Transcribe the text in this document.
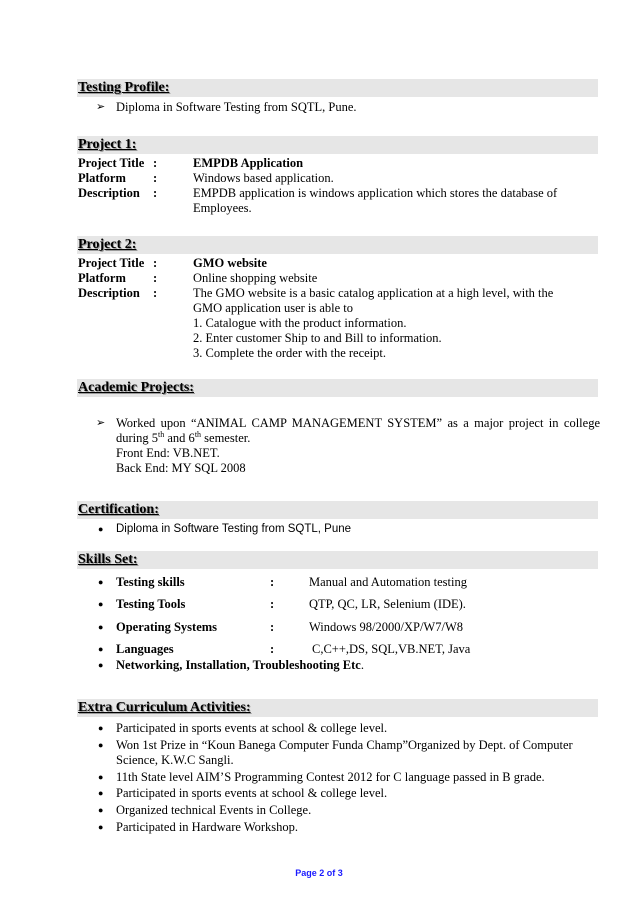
Testing Profile:
➢ Diploma in Software Testing from SQTL, Pune.
Project 1:
Project Title :	EMPDB Application
Platform :	Windows based application.
Description :	EMPDB application is windows application which stores the database of
Employees.
Project 2:
Project Title :	GMO website
Platform :	Online shopping website
Description :	The GMO website is a basic catalog application at a high level, with the
GMO application user is able to
1. Catalogue with the product information.
2. Enter customer Ship to and Bill to information.
3. Complete the order with the receipt.
Academic Projects:
➢ Worked upon “ANIMAL CAMP MANAGEMENT SYSTEM” as a major project in college
during 5th and 6th semester.
Front End: VB.NET.
Back End: MY SQL 2008
Certification:
● Diploma in Software Testing from SQTL, Pune
Skills Set:
● Testing skills	:	Manual and Automation testing
● Testing Tools	:	QTP, QC, LR, Selenium (IDE).
● Operating Systems	:	Windows 98/2000/XP/W7/W8
● Languages	:	C,C++,DS, SQL,VB.NET, Java
● Networking, Installation, Troubleshooting Etc.
Extra Curriculum Activities:
● Participated in sports events at school & college level.
● Won 1st Prize in “Koun Banega Computer Funda Champ”Organized by Dept. of Computer
Science, K.W.C Sangli.
● 11th State level AIM’S Programming Contest 2012 for C language passed in B grade.
● Participated in sports events at school & college level.
● Organized technical Events in College.
● Participated in Hardware Workshop.
Page 2 of 3
